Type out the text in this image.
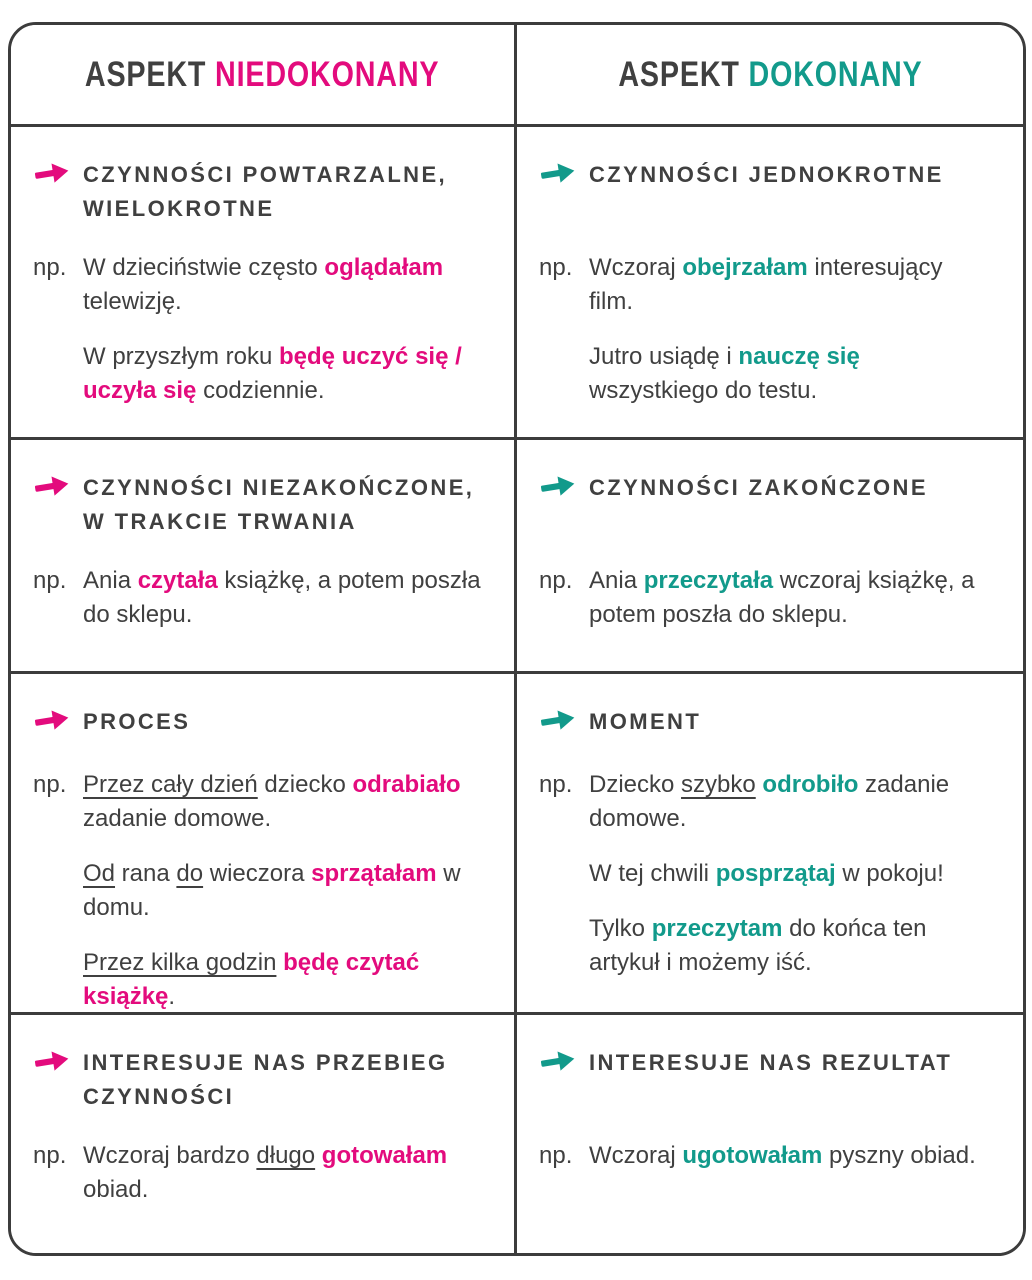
ASPEKT NIEDOKONANY	ASPEKT DOKONANY
CZYNNOŚCI POWTARZALNE,
WIELOKROTNE
np. W dzieciństwie często oglądałam telewizję.
W przyszłym roku będę uczyć się / uczyła się codziennie.
CZYNNOŚCI JEDNOKROTNE
np. Wczoraj obejrzałam interesujący film.
Jutro usiądę i nauczę się wszystkiego do testu.
CZYNNOŚCI NIEZAKOŃCZONE,
W TRAKCIE TRWANIA
np. Ania czytała książkę, a potem poszła do sklepu.
CZYNNOŚCI ZAKOŃCZONE
np. Ania przeczytała wczoraj książkę, a potem poszła do sklepu.
PROCES
np. Przez cały dzień dziecko odrabiało zadanie domowe.
Od rana do wieczora sprzątałam w domu.
Przez kilka godzin będę czytać książkę.
MOMENT
np. Dziecko szybko odrobiło zadanie domowe.
W tej chwili posprzątaj w pokoju!
Tylko przeczytam do końca ten artykuł i możemy iść.
INTERESUJE NAS PRZEBIEG
CZYNNOŚCI
np. Wczoraj bardzo długo gotowałam obiad.
INTERESUJE NAS REZULTAT
np. Wczoraj ugotowałam pyszny obiad.
